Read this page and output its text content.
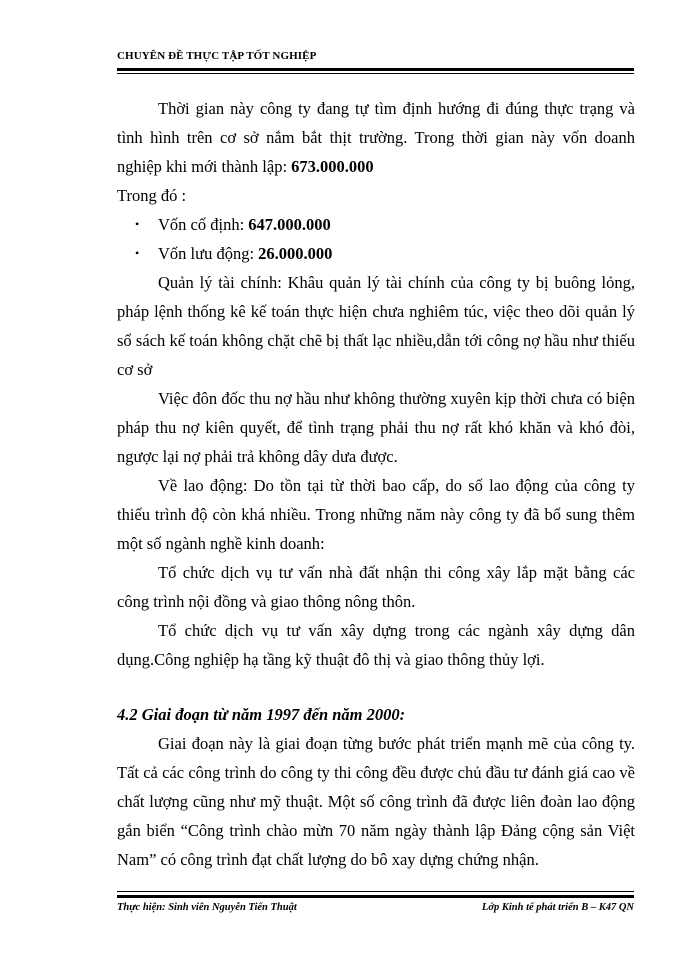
CHUYÊN ĐỀ THỰC TẬP TỐT NGHIỆP

Thời gian này công ty đang tự tìm định hướng đi đúng thực trạng và tình hình trên cơ sở nắm bắt thịt trường. Trong thời gian này vốn doanh nghiệp khi mới thành lập: 673.000.000

Trong đó :

• Vốn cố định: 647.000.000
• Vốn lưu động: 26.000.000

Quản lý tài chính: Khâu quản lý tài chính của công ty bị buông lỏng, pháp lệnh thống kê kế toán thực hiện chưa nghiêm túc, việc theo dõi quản lý sổ sách kế toán không chặt chẽ bị thất lạc nhiều,dẫn tới công nợ hầu như thiếu cơ sở

Việc đôn đốc thu nợ hầu như không thường xuyên kịp thời chưa có biện pháp thu nợ kiên quyết, để tình trạng phải thu nợ rất khó khăn và khó đòi, ngược lại nợ phải trả không dây dưa được.

Về lao động: Do tồn tại từ thời bao cấp, do số lao động của công ty thiếu trình độ còn khá nhiều. Trong những năm này công ty đã bổ sung thêm một số ngành nghề kinh doanh:

Tổ chức dịch vụ tư vấn nhà đất nhận thi công xây lắp mặt bằng các công trình nội đồng và giao thông nông thôn.

Tổ chức dịch vụ tư vấn xây dựng trong các ngành xây dựng dân dụng.Công nghiệp hạ tầng kỹ thuật đô thị và giao thông thủy lợi.

4.2 Giai đoạn từ năm 1997 đến năm 2000:

Giai đoạn này là giai đoạn từng bước phát triển mạnh mẽ của công ty. Tất cả các công trình do công ty thi công đều được chủ đầu tư đánh giá cao về chất lượng cũng như mỹ thuật. Một số công trình đã được liên đoàn lao động gắn biển “Công trình chào mừn 70 năm ngày thành lập Đảng cộng sản Việt Nam” có công trình đạt chất lượng do bô xay dựng chứng nhận.

Thực hiện: Sinh viên Nguyễn Tiến Thuật	Lớp Kinh tế phát triển B – K47 QN
